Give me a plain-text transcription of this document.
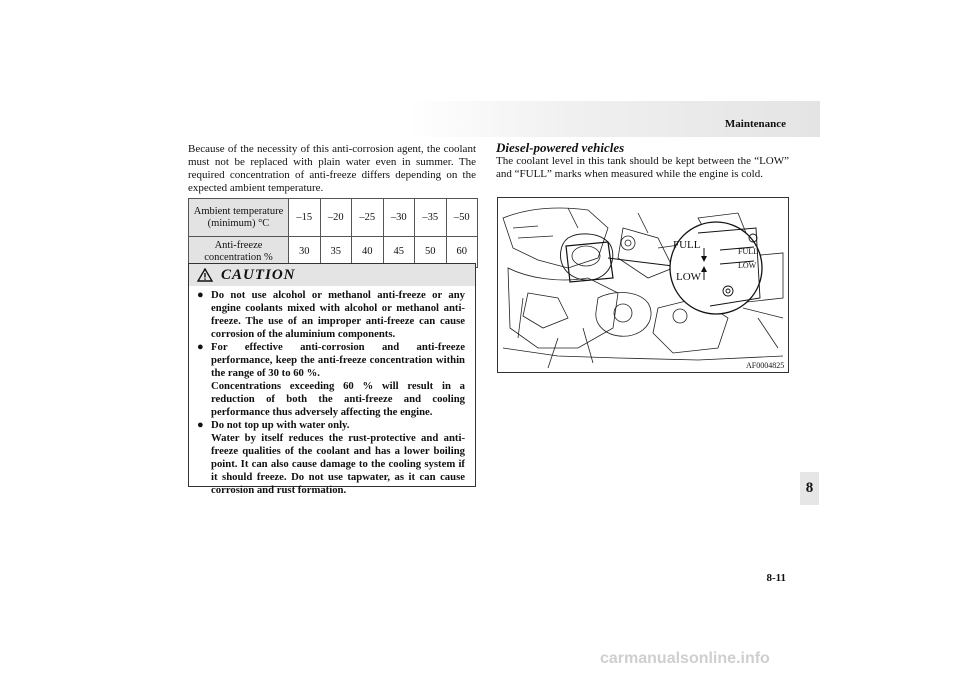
Maintenance
8
8-11

Because of the necessity of this anti-corrosion agent, the coolant must not be replaced with plain water even in summer. The required concentration of anti-freeze differs depending on the expected ambient temperature.

Ambient temperature (minimum) °C	–15	–20	–25	–30	–35	–50
Anti-freeze concentration %	30	35	40	45	50	60
CAUTION
● Do not use alcohol or methanol anti-freeze or any engine coolants mixed with alcohol or methanol anti-freeze. The use of an improper anti-freeze can cause corrosion of the aluminium components.
● For effective anti-corrosion and anti-freeze performance, keep the anti-freeze concentration within the range of 30 to 60 %.
Concentrations exceeding 60 % will result in a reduction of both the anti-freeze and cooling performance thus adversely affecting the engine.
● Do not top up with water only.
Water by itself reduces the rust-protective and anti-freeze qualities of the coolant and has a lower boiling point. It can also cause damage to the cooling system if it should freeze. Do not use tapwater, as it can cause corrosion and rust formation.
Diesel-powered vehicles

The coolant level in this tank should be kept between the “LOW” and “FULL” marks when measured while the engine is cold.

FULL
LOW
FULL
LOW
AF0004825
carmanualsonline.info
